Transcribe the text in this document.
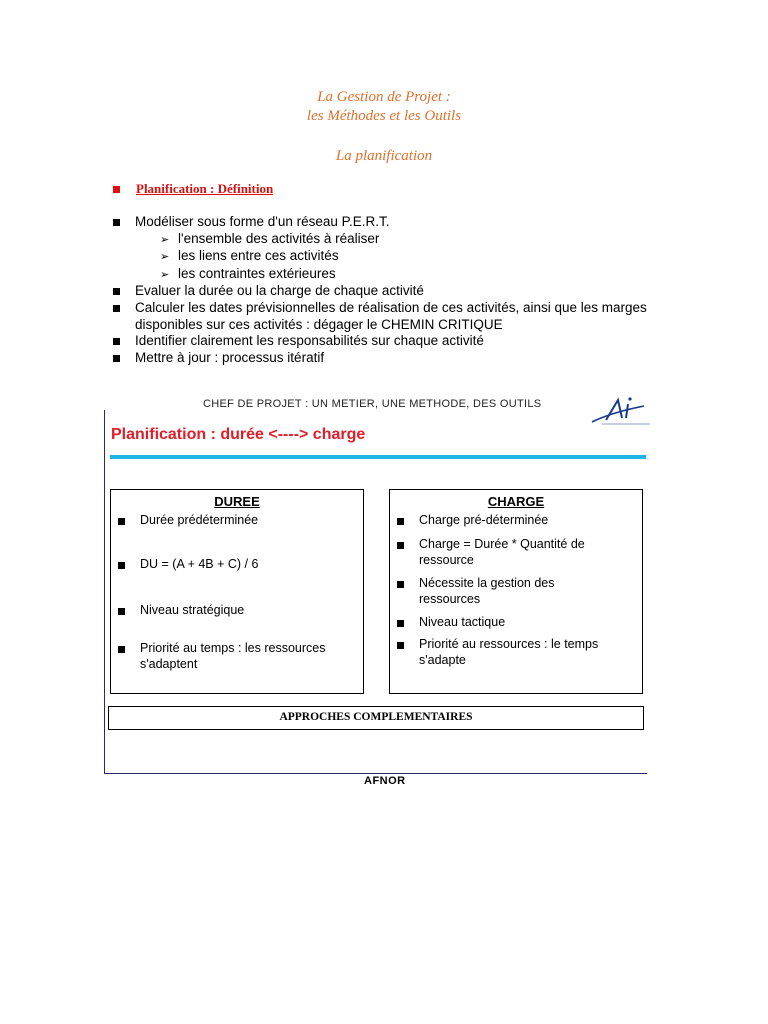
La Gestion de Projet :
les Méthodes et les Outils
La planification
Planification : Définition
Modéliser sous forme d'un réseau P.E.R.T.
➢ l'ensemble des activités à réaliser
➢ les liens entre ces activités
➢ les contraintes extérieures
Evaluer la durée ou la charge de chaque activité
Calculer les dates prévisionnelles de réalisation de ces activités, ainsi que les marges disponibles sur ces activités : dégager le CHEMIN CRITIQUE
Identifier clairement les responsabilités sur chaque activité
Mettre à jour : processus itératif
CHEF DE PROJET : UN METIER, UNE METHODE, DES OUTILS
Planification : durée <----> charge
DUREE
Durée prédéterminée
DU = (A + 4B + C) / 6
Niveau stratégique
Priorité au temps : les ressources s'adaptent
CHARGE
Charge pré-déterminée
Charge = Durée * Quantité de ressource
Nécessite la gestion des ressources
Niveau tactique
Priorité au ressources : le temps s'adapte
APPROCHES COMPLEMENTAIRES
AFNOR
